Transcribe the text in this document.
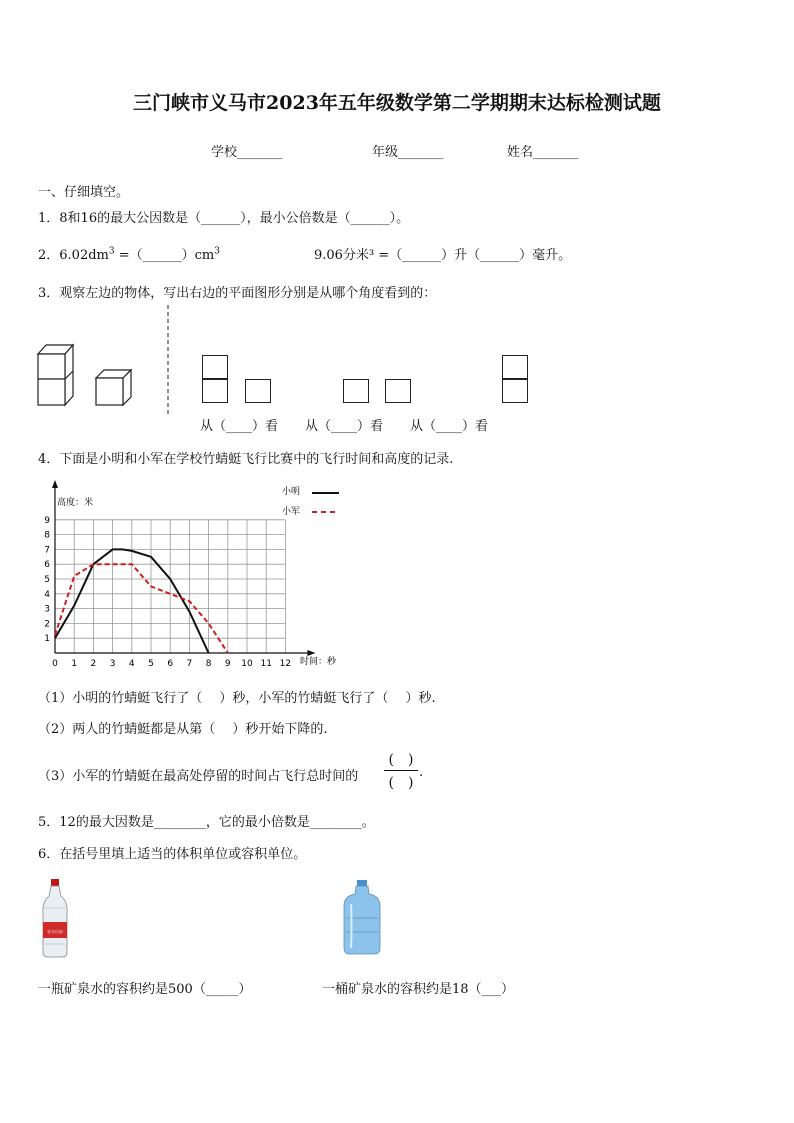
三门峡市义马市2023年五年级数学第二学期期末达标检测试题
学校_______	年级_______	姓名_______
一、仔细填空。
1．8和16的最大公因数是（______），最小公倍数是（______）。
2．$6.02dm^3$ $=(\_\_\_\_\_\_)cm^3$	9.06分米³ =（______）升（______）毫升。
3．观察左边的物体，写出右边的平面图形分别是从哪个角度看到的：
从（____）看 从（____）看 从（____）看
4．下面是小明和小军在学校竹蜻蜓飞行比赛中的飞行时间和高度的记录.
0 1 2 3 4 5 6 7 8 9 10 11 12
1
2
3
4
5
6
7
8
9
高度：米
时间：秒
小明
小军
（1）小明的竹蜻蜓飞行了（　 ）秒，小军的竹蜻蜓飞行了（　 ）秒.
（2）两人的竹蜻蜓都是从第（　 ）秒开始下降的.
（3）小军的竹蜻蜓在最高处停留的时间占飞行总时间的
(　)
(　)
.
5．12的最大因数是________，它的最小倍数是________。
6．在括号里填上适当的体积单位或容积单位。
农夫山泉
一瓶矿泉水的容积约是500（_____）	一桶矿泉水的容积约是18（___）
